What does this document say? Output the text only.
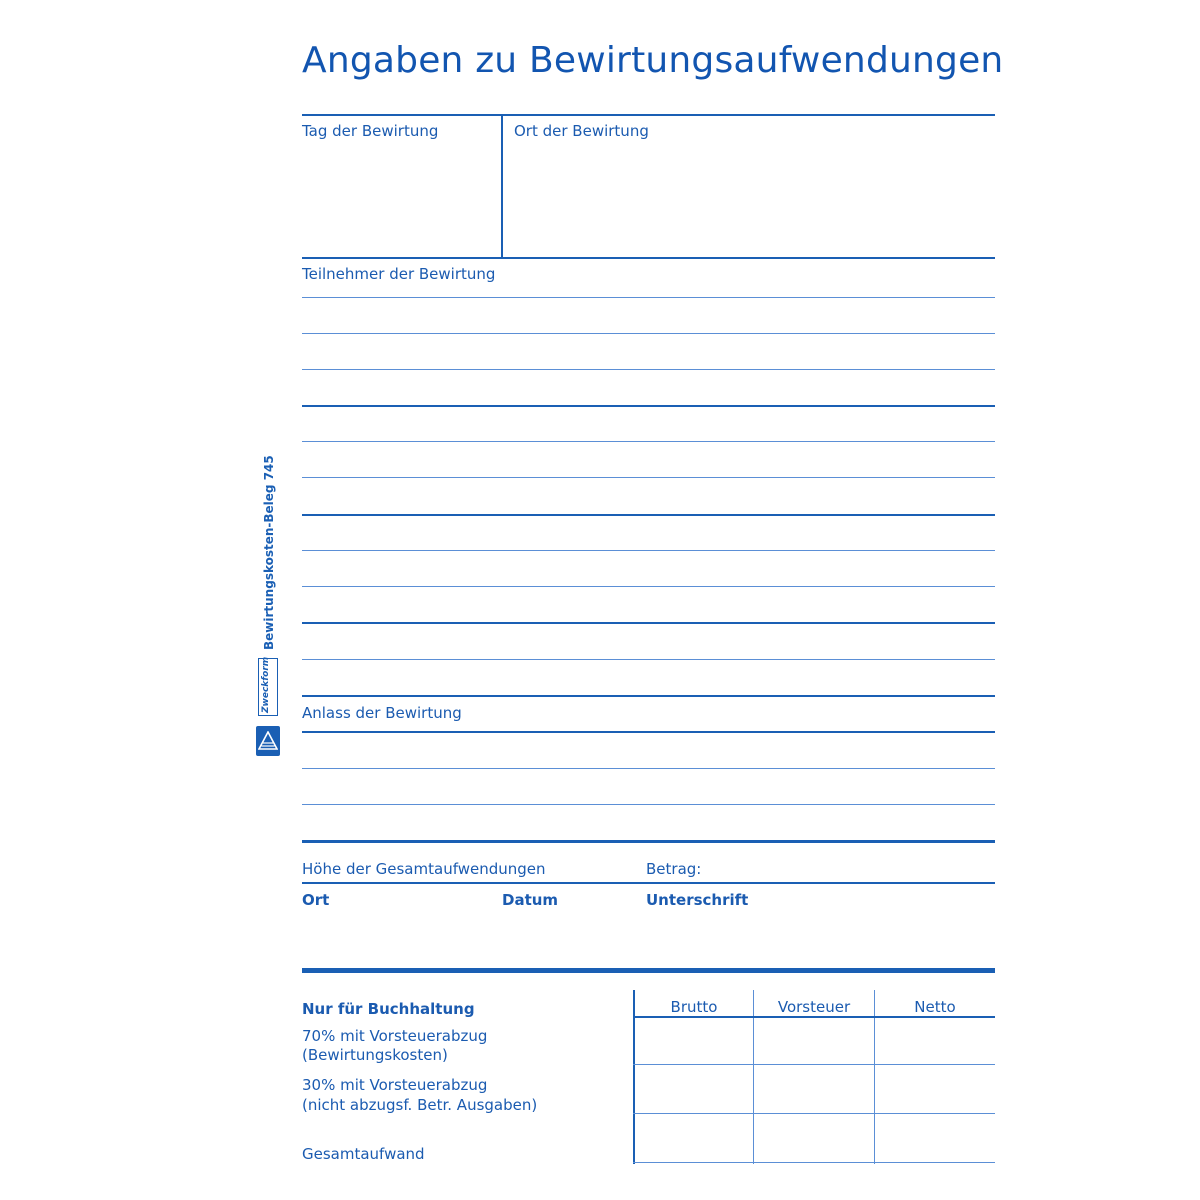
Angaben zu Bewirtungsaufwendungen
Bewirtungskosten-Beleg 745
Zweckform
Tag der Bewirtung	Ort der Bewirtung
Teilnehmer der Bewirtung
Anlass der Bewirtung
Höhe der Gesamtaufwendungen	Betrag:
Ort	Datum	Unterschrift
Nur für Buchhaltung
70% mit Vorsteuerabzug
(Bewirtungskosten)
30% mit Vorsteuerabzug
(nicht abzugsf. Betr. Ausgaben)
Gesamtaufwand
Brutto	Vorsteuer	Netto
